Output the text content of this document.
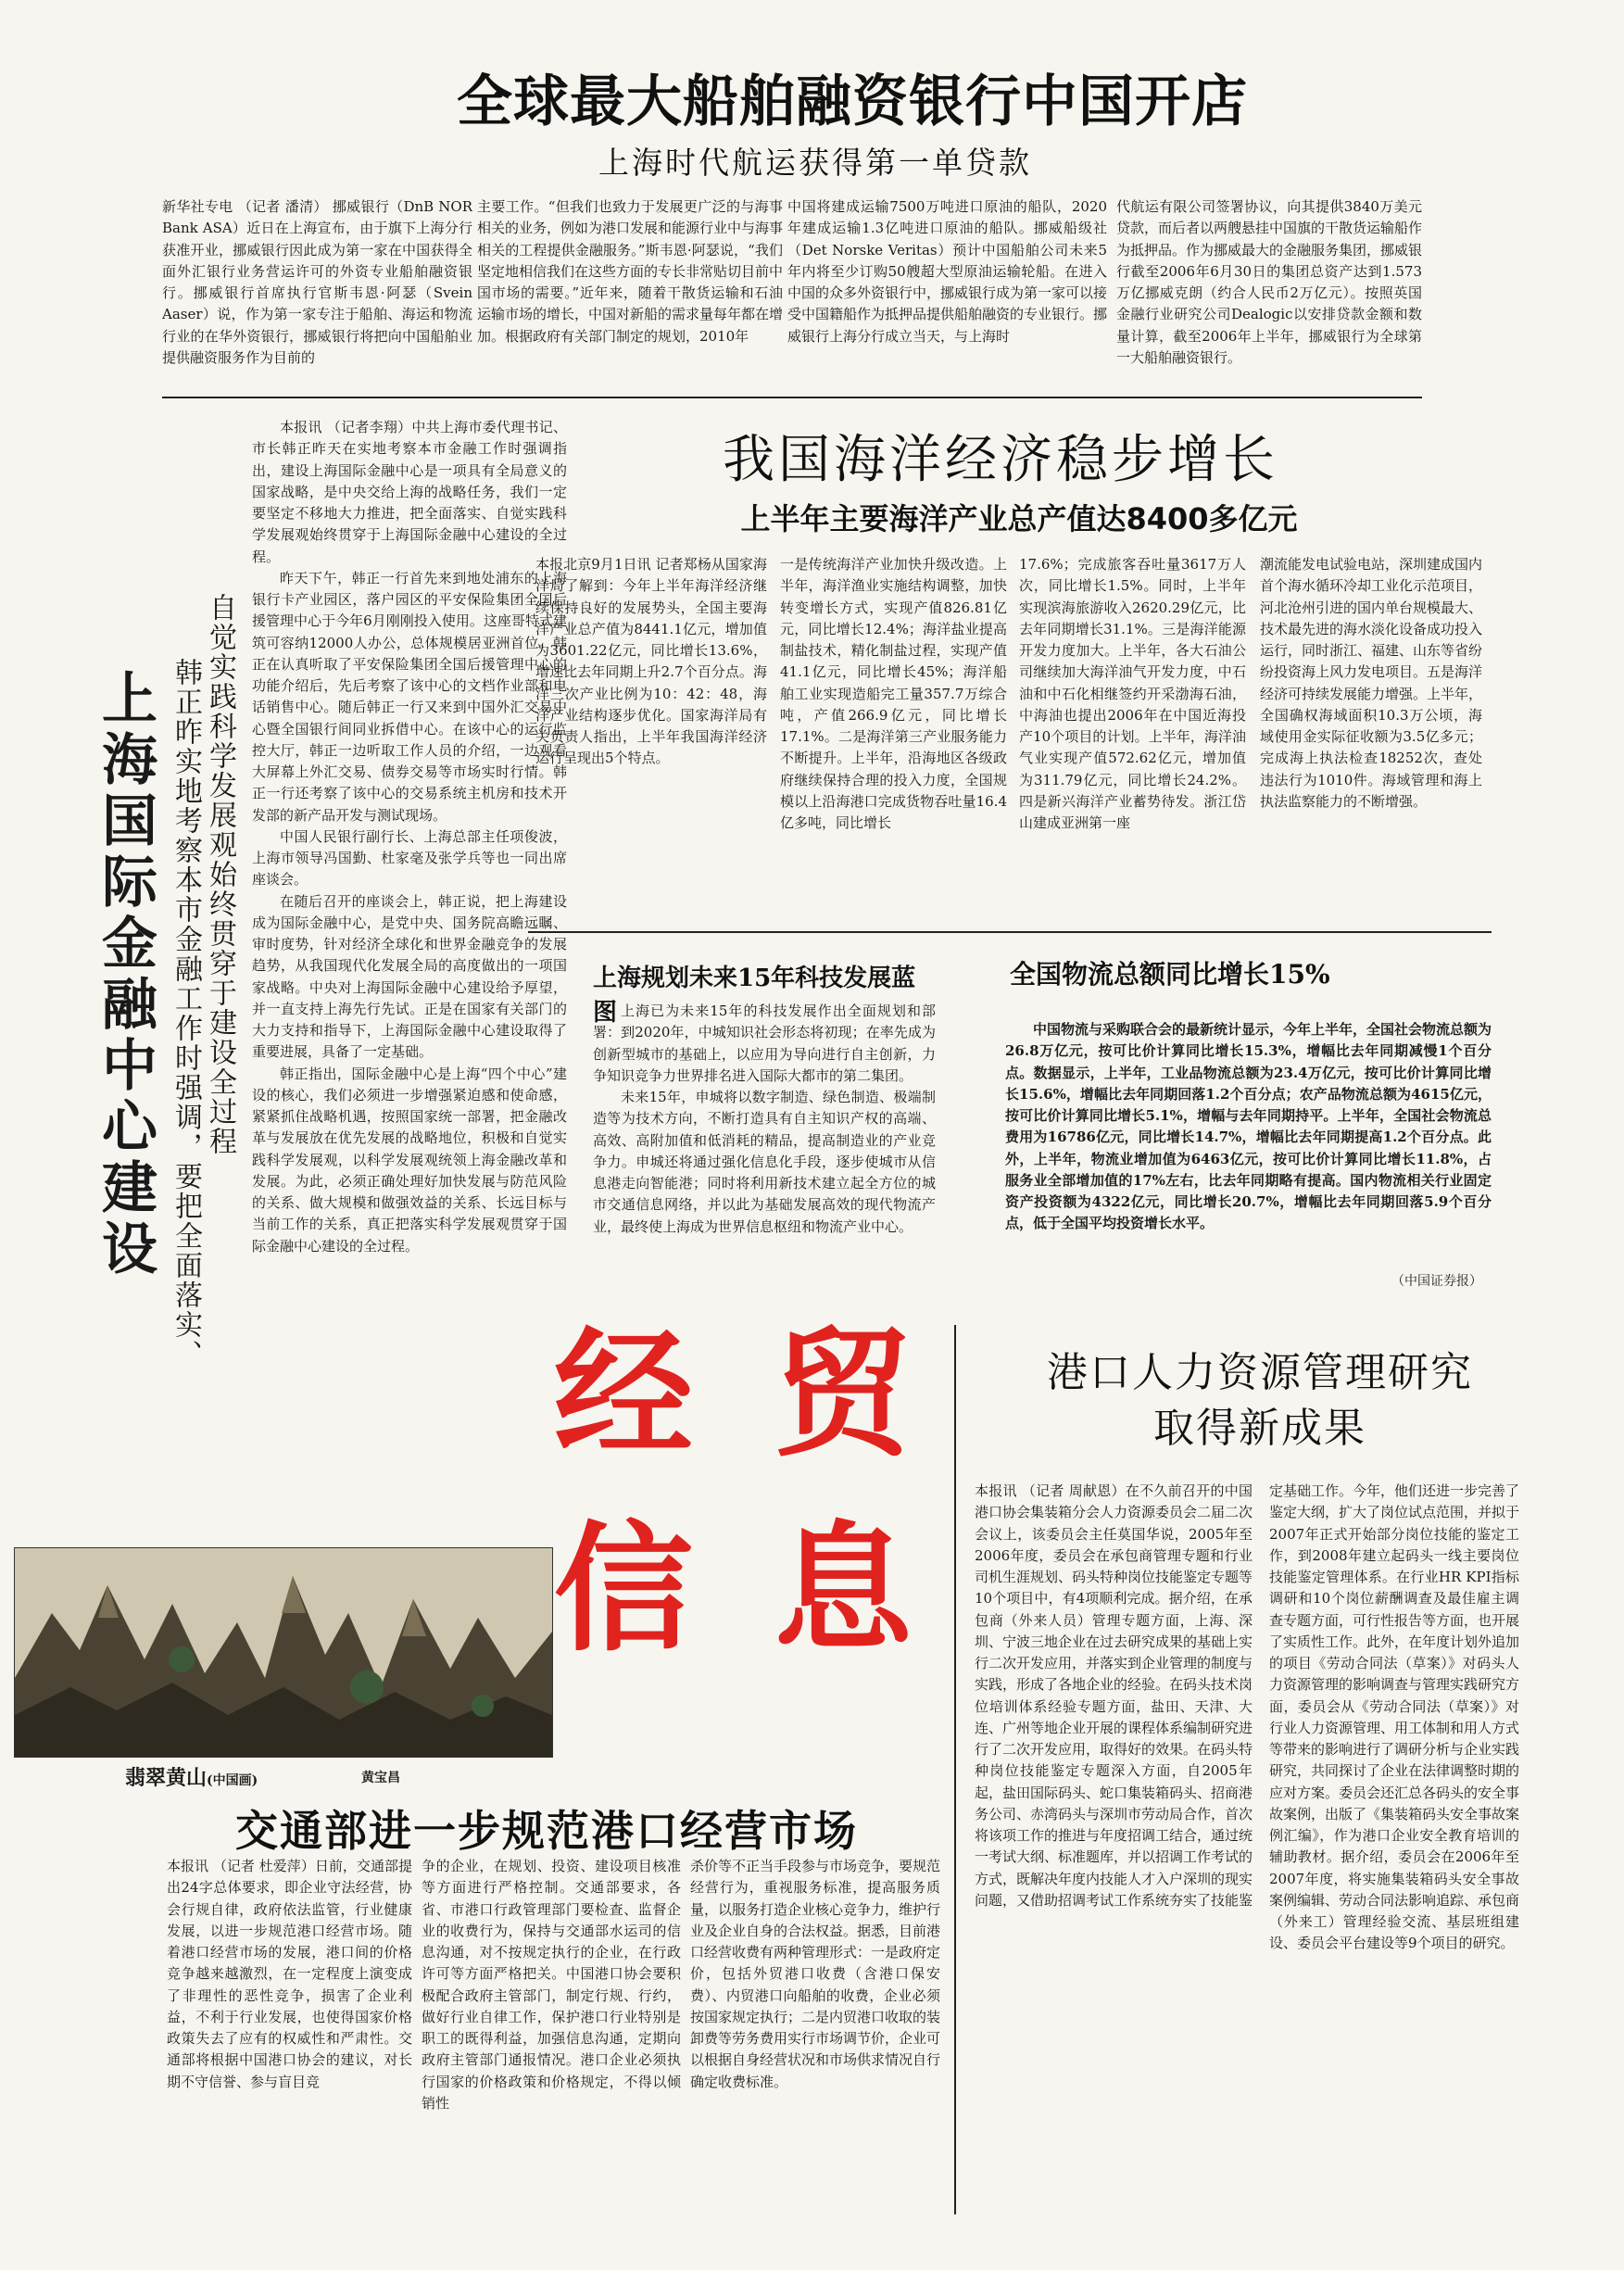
全球最大船舶融资银行中国开店
上海时代航运获得第一单贷款
新华社专电 （记者 潘清） 挪威银行（DnB NOR Bank ASA）近日在上海宣布，由于旗下上海分行获准开业，挪威银行因此成为第一家在中国获得全面外汇银行业务营运许可的外资专业船舶融资银行。挪威银行首席执行官斯韦恩·阿瑟（Svein Aaser）说，作为第一家专注于船舶、海运和物流行业的在华外资银行，挪威银行将把向中国船舶业提供融资服务作为目前的
主要工作。“但我们也致力于发展更广泛的与海事相关的业务，例如为港口发展和能源行业中与海事相关的工程提供金融服务。”斯韦恩·阿瑟说，“我们坚定地相信我们在这些方面的专长非常贴切目前中国市场的需要。”近年来，随着干散货运输和石油运输市场的增长，中国对新船的需求量每年都在增加。根据政府有关部门制定的规划，2010年
中国将建成运输7500万吨进口原油的船队，2020年建成运输1.3亿吨进口原油的船队。挪威船级社（Det Norske Veritas）预计中国船舶公司未来5年内将至少订购50艘超大型原油运输轮船。在进入中国的众多外资银行中，挪威银行成为第一家可以接受中国籍船作为抵押品提供船舶融资的专业银行。挪威银行上海分行成立当天，与上海时
代航运有限公司签署协议，向其提供3840万美元贷款，而后者以两艘悬挂中国旗的干散货运输船作为抵押品。作为挪威最大的金融服务集团，挪威银行截至2006年6月30日的集团总资产达到1.573万亿挪威克朗（约合人民币2万亿元）。按照英国金融行业研究公司Dealogic以安排贷款金额和数量计算，截至2006年上半年，挪威银行为全球第一大船舶融资银行。
上海国际金融中心建设 自觉实践科学发展观始终贯穿于建设全过程
韩正昨实地考察本市金融工作时强调，要把全面落实、
本报讯 （记者李翔）中共上海市委代理书记、市长韩正昨天在实地考察本市金融工作时强调指出，建设上海国际金融中心是一项具有全局意义的国家战略，是中央交给上海的战略任务，我们一定要坚定不移地大力推进，把全面落实、自觉实践科学发展观始终贯穿于上海国际金融中心建设的全过程。
昨天下午，韩正一行首先来到地处浦东的上海银行卡产业园区，落户园区的平安保险集团全国后援管理中心于今年6月刚刚投入使用。这座哥特式建筑可容纳12000人办公，总体规模居亚洲首位。韩正在认真听取了平安保险集团全国后援管理中心的功能介绍后，先后考察了该中心的文档作业部和电话销售中心。随后韩正一行又来到中国外汇交易中心暨全国银行间同业拆借中心。在该中心的运行监控大厅，韩正一边听取工作人员的介绍，一边观看大屏幕上外汇交易、债券交易等市场实时行情。韩正一行还考察了该中心的交易系统主机房和技术开发部的新产品开发与测试现场。
中国人民银行副行长、上海总部主任项俊波，上海市领导冯国勤、杜家毫及张学兵等也一同出席座谈会。
在随后召开的座谈会上，韩正说，把上海建设成为国际金融中心，是党中央、国务院高瞻远瞩、审时度势，针对经济全球化和世界金融竞争的发展趋势，从我国现代化发展全局的高度做出的一项国家战略。中央对上海国际金融中心建设给予厚望，并一直支持上海先行先试。正是在国家有关部门的大力支持和指导下，上海国际金融中心建设取得了重要进展，具备了一定基础。
韩正指出，国际金融中心是上海“四个中心”建设的核心，我们必须进一步增强紧迫感和使命感，紧紧抓住战略机遇，按照国家统一部署，把金融改革与发展放在优先发展的战略地位，积极和自觉实践科学发展观，以科学发展观统领上海金融改革和发展。为此，必须正确处理好加快发展与防范风险的关系、做大规模和做强效益的关系、长远目标与当前工作的关系，真正把落实科学发展观贯穿于国际金融中心建设的全过程。
我国海洋经济稳步增长
上半年主要海洋产业总产值达8400多亿元
本报北京9月1日讯 记者郑杨从国家海洋局了解到：今年上半年海洋经济继续保持良好的发展势头，全国主要海洋产业总产值为8441.1亿元，增加值为3601.22亿元，同比增长13.6%，增速比去年同期上升2.7个百分点。海洋三次产业比例为10：42：48，海洋产业结构逐步优化。国家海洋局有关负责人指出，上半年我国海洋经济运行呈现出5个特点。
一是传统海洋产业加快升级改造。上半年，海洋渔业实施结构调整，加快转变增长方式，实现产值826.81亿元，同比增长12.4%；海洋盐业提高制盐技术，精化制盐过程，实现产值41.1亿元，同比增长45%；海洋船舶工业实现造船完工量357.7万综合吨，产值266.9亿元，同比增长17.1%。二是海洋第三产业服务能力不断提升。上半年，沿海地区各级政府继续保持合理的投入力度，全国规模以上沿海港口完成货物吞吐量16.4亿多吨，同比增长
17.6%；完成旅客吞吐量3617万人次，同比增长1.5%。同时，上半年实现滨海旅游收入2620.29亿元，比去年同期增长31.1%。三是海洋能源开发力度加大。上半年，各大石油公司继续加大海洋油气开发力度，中石油和中石化相继签约开采渤海石油，中海油也提出2006年在中国近海投产10个项目的计划。上半年，海洋油气业实现产值572.62亿元，增加值为311.79亿元，同比增长24.2%。四是新兴海洋产业蓄势待发。浙江岱山建成亚洲第一座
潮流能发电试验电站，深圳建成国内首个海水循环冷却工业化示范项目，河北沧州引进的国内单台规模最大、技术最先进的海水淡化设备成功投入运行，同时浙江、福建、山东等省纷纷投资海上风力发电项目。五是海洋经济可持续发展能力增强。上半年，全国确权海域面积10.3万公顷，海域使用金实际征收额为3.5亿多元；完成海上执法检查18252次，查处违法行为1010件。海域管理和海上执法监察能力的不断增强。
上海规划未来15年科技发展蓝图 上海已为未来15年的科技发展作出全面规划和部署：到2020年，中城知识社会形态将初现；在率先成为创新型城市的基础上，以应用为导向进行自主创新，力争知识竞争力世界排名进入国际大都市的第二集团。
未来15年，申城将以数字制造、绿色制造、极端制造等为技术方向，不断打造具有自主知识产权的高端、高效、高附加值和低消耗的精品，提高制造业的产业竞争力。申城还将通过强化信息化手段，逐步使城市从信息港走向智能港；同时将利用新技术建立起全方位的城市交通信息网络，并以此为基础发展高效的现代物流产业，最终使上海成为世界信息枢纽和物流产业中心。
全国物流总额同比增长15%
中国物流与采购联合会的最新统计显示，今年上半年，全国社会物流总额为26.8万亿元，按可比价计算同比增长15.3%，增幅比去年同期减慢1个百分点。数据显示，上半年，工业品物流总额为23.4万亿元，按可比价计算同比增长15.6%，增幅比去年同期回落1.2个百分点；农产品物流总额为4615亿元，按可比价计算同比增长5.1%，增幅与去年同期持平。上半年，全国社会物流总费用为16786亿元，同比增长14.7%，增幅比去年同期提高1.2个百分点。此外，上半年，物流业增加值为6463亿元，按可比价计算同比增长11.8%，占服务业全部增加值的17%左右，比去年同期略有提高。国内物流相关行业固定资产投资额为4322亿元，同比增长20.7%，增幅比去年同期回落5.9个百分点，低于全国平均投资增长水平。
（中国证券报）
经 贸
信 息
翡翠黄山(中国画)	黄宝昌
港口人力资源管理研究
取得新成果
本报讯 （记者 周献恩）在不久前召开的中国港口协会集装箱分会人力资源委员会二届二次会议上，该委员会主任莫国华说，2005年至2006年度，委员会在承包商管理专题和行业司机生涯规划、码头特种岗位技能鉴定专题等10个项目中，有4项顺利完成。据介绍，在承包商（外来人员）管理专题方面，上海、深圳、宁波三地企业在过去研究成果的基础上实行二次开发应用，并落实到企业管理的制度与实践，形成了各地企业的经验。在码头技术岗位培训体系经验专题方面，盐田、天津、大连、广州等地企业开展的课程体系编制研究进行了二次开发应用，取得好的效果。在码头特种岗位技能鉴定专题深入方面，自2005年起，盐田国际码头、蛇口集装箱码头、招商港务公司、赤湾码头与深圳市劳动局合作，首次将该项工作的推进与年度招调工结合，通过统一考试大纲、标准题库，并以招调工作考试的方式，既解决年度内技能人才入户深圳的现实问题，又借助招调考试工作系统夯实了技能鉴
定基础工作。今年，他们还进一步完善了鉴定大纲，扩大了岗位试点范围，并拟于2007年正式开始部分岗位技能的鉴定工作，到2008年建立起码头一线主要岗位技能鉴定管理体系。在行业HR KPI指标调研和10个岗位薪酬调查及最佳雇主调查专题方面，可行性报告等方面，也开展了实质性工作。此外，在年度计划外追加的项目《劳动合同法（草案）》对码头人力资源管理的影响调查与管理实践研究方面，委员会从《劳动合同法（草案）》对行业人力资源管理、用工体制和用人方式等带来的影响进行了调研分析与企业实践研究，共同探讨了企业在法律调整时期的应对方案。委员会还汇总各码头的安全事故案例，出版了《集装箱码头安全事故案例汇编》，作为港口企业安全教育培训的辅助教材。据介绍，委员会在2006年至2007年度，将实施集装箱码头安全事故案例编辑、劳动合同法影响追踪、承包商（外来工）管理经验交流、基层班组建设、委员会平台建设等9个项目的研究。
交通部进一步规范港口经营市场
本报讯 （记者 杜爱萍）日前，交通部提出24字总体要求，即企业守法经营，协会行规自律，政府依法监管，行业健康发展，以进一步规范港口经营市场。随着港口经营市场的发展，港口间的价格竞争越来越激烈，在一定程度上演变成了非理性的恶性竞争，损害了企业利益，不利于行业发展，也使得国家价格政策失去了应有的权威性和严肃性。交通部将根据中国港口协会的建议，对长期不守信誉、参与盲目竞
争的企业，在规划、投资、建设项目核准等方面进行严格控制。交通部要求，各省、市港口行政管理部门要检查、监督企业的收费行为，保持与交通部水运司的信息沟通，对不按规定执行的企业，在行政许可等方面严格把关。中国港口协会要积极配合政府主管部门，制定行规、行约，做好行业自律工作，保护港口行业特别是职工的既得利益，加强信息沟通，定期向政府主管部门通报情况。港口企业必须执行国家的价格政策和价格规定，不得以倾销性
杀价等不正当手段参与市场竞争，要规范经营行为，重视服务标准，提高服务质量，以服务打造企业核心竞争力，维护行业及企业自身的合法权益。据悉，目前港口经营收费有两种管理形式：一是政府定价，包括外贸港口收费（含港口保安费）、内贸港口向船舶的收费，企业必须按国家规定执行；二是内贸港口收取的装卸费等劳务费用实行市场调节价，企业可以根据自身经营状况和市场供求情况自行确定收费标准。
